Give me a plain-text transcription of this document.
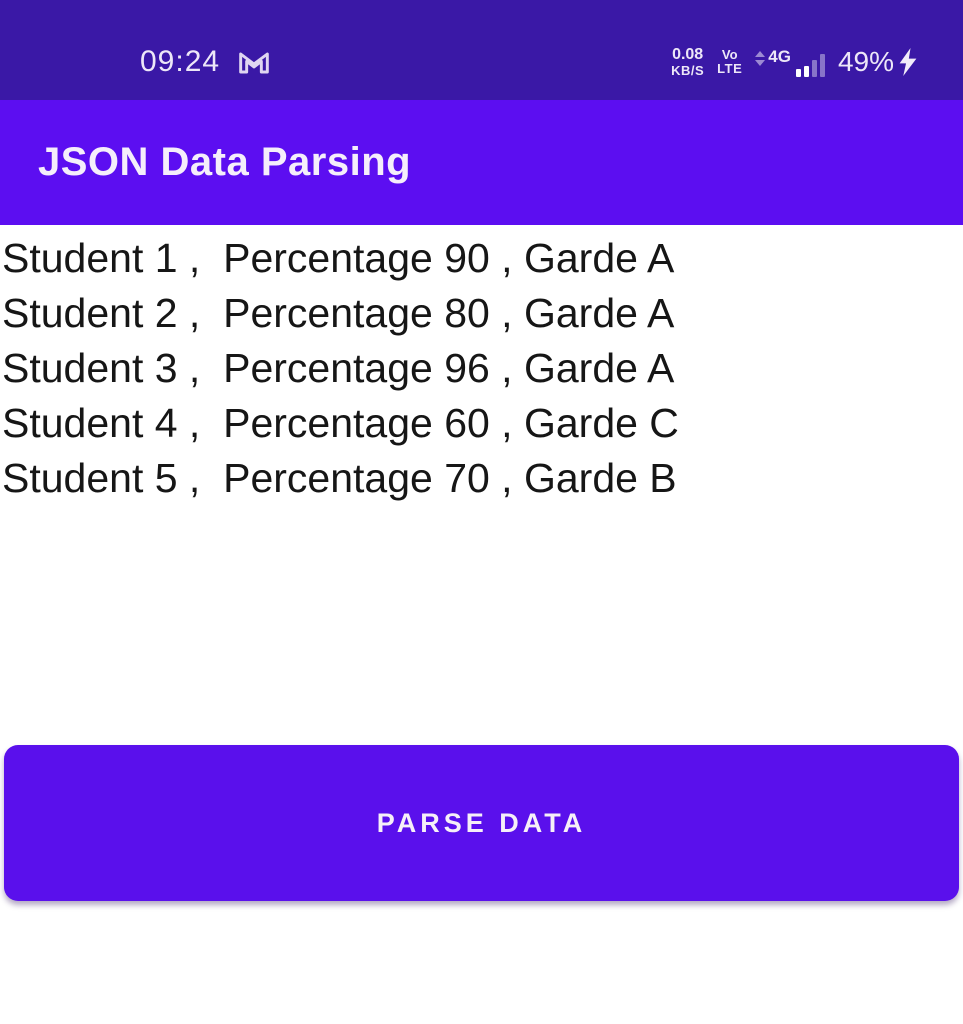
09:24	0.08
KB/S
Vo
LTE
4G 49%
JSON Data Parsing
Student 1 ,  Percentage 90 , Garde A
Student 2 ,  Percentage 80 , Garde A
Student 3 ,  Percentage 96 , Garde A
Student 4 ,  Percentage 60 , Garde C
Student 5 ,  Percentage 70 , Garde B
PARSE DATA
